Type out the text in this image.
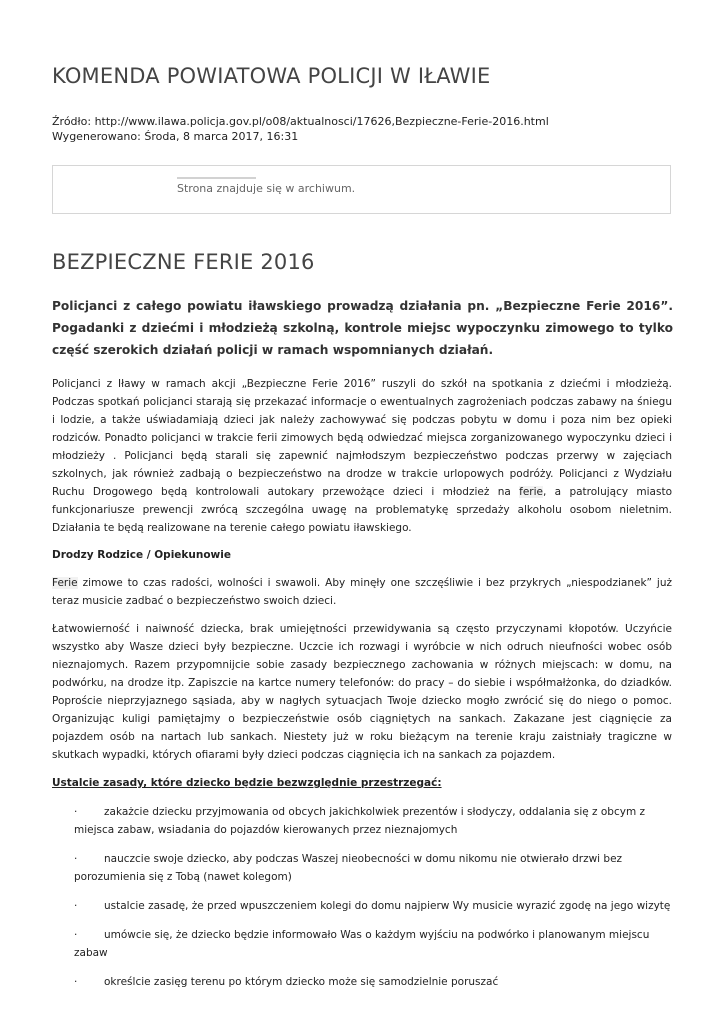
KOMENDA POWIATOWA POLICJI W IŁAWIE
Źródło: http://www.ilawa.policja.gov.pl/o08/aktualnosci/17626,Bezpieczne-Ferie-2016.html
Wygenerowano: Środa, 8 marca 2017, 16:31
Strona znajduje się w archiwum.
BEZPIECZNE FERIE 2016

Policjanci z całego powiatu iławskiego prowadzą działania pn. „Bezpieczne Ferie 2016”. Pogadanki z dziećmi i młodzieżą szkolną, kontrole miejsc wypoczynku zimowego to tylko część szerokich działań policji w ramach wspomnianych działań.

Policjanci z Iławy w ramach akcji „Bezpieczne Ferie 2016” ruszyli do szkół na spotkania z dziećmi i młodzieżą. Podczas spotkań policjanci starają się przekazać informacje o ewentualnych zagrożeniach podczas zabawy na śniegu i lodzie, a także uświadamiają dzieci jak należy zachowywać się podczas pobytu w domu i poza nim bez opieki rodziców. Ponadto policjanci w trakcie ferii zimowych będą odwiedzać miejsca zorganizowanego wypoczynku dzieci i młodzieży . Policjanci będą starali się zapewnić najmłodszym bezpieczeństwo podczas przerwy w zajęciach szkolnych, jak również zadbają o bezpieczeństwo na drodze w trakcie urlopowych podróży. Policjanci z Wydziału Ruchu Drogowego będą kontrolowali autokary przewożące dzieci i młodzież na ferie, a patrolujący miasto funkcjonariusze prewencji zwrócą szczególna uwagę na problematykę sprzedaży alkoholu osobom nieletnim. Działania te będą realizowane na terenie całego powiatu iławskiego.

Drodzy Rodzice / Opiekunowie

Ferie zimowe to czas radości, wolności i swawoli. Aby minęły one szczęśliwie i bez przykrych „niespodzianek” już teraz musicie zadbać o bezpieczeństwo swoich dzieci.

Łatwowierność i naiwność dziecka, brak umiejętności przewidywania są często przyczynami kłopotów. Uczyńcie wszystko aby Wasze dzieci były bezpieczne. Uczcie ich rozwagi i wyróbcie w nich odruch nieufności wobec osób nieznajomych. Razem przypomnijcie sobie zasady bezpiecznego zachowania w różnych miejscach: w domu, na podwórku, na drodze itp. Zapiszcie na kartce numery telefonów: do pracy – do siebie i współmałżonka, do dziadków. Poproście nieprzyjaznego sąsiada, aby w nagłych sytuacjach Twoje dziecko mogło zwrócić się do niego o pomoc. Organizując kuligi pamiętajmy o bezpieczeństwie osób ciągniętych na sankach. Zakazane jest ciągnięcie za pojazdem osób na nartach lub sankach. Niestety już w roku bieżącym na terenie kraju zaistniały tragiczne w skutkach wypadki, których ofiarami były dzieci podczas ciągnięcia ich na sankach za pojazdem.

Ustalcie zasady, które dziecko będzie bezwzględnie przestrzegać:

·	zakażcie dziecku przyjmowania od obcych jakichkolwiek prezentów i słodyczy, oddalania się z obcym z miejsca zabaw, wsiadania do pojazdów kierowanych przez nieznajomych
·	nauczcie swoje dziecko, aby podczas Waszej nieobecności w domu nikomu nie otwierało drzwi bez porozumienia się z Tobą (nawet kolegom)
·	ustalcie zasadę, że przed wpuszczeniem kolegi do domu najpierw Wy musicie wyrazić zgodę na jego wizytę
·	umówcie się, że dziecko będzie informowało Was o każdym wyjściu na podwórko i planowanym miejscu zabaw
·	określcie zasięg terenu po którym dziecko może się samodzielnie poruszać
